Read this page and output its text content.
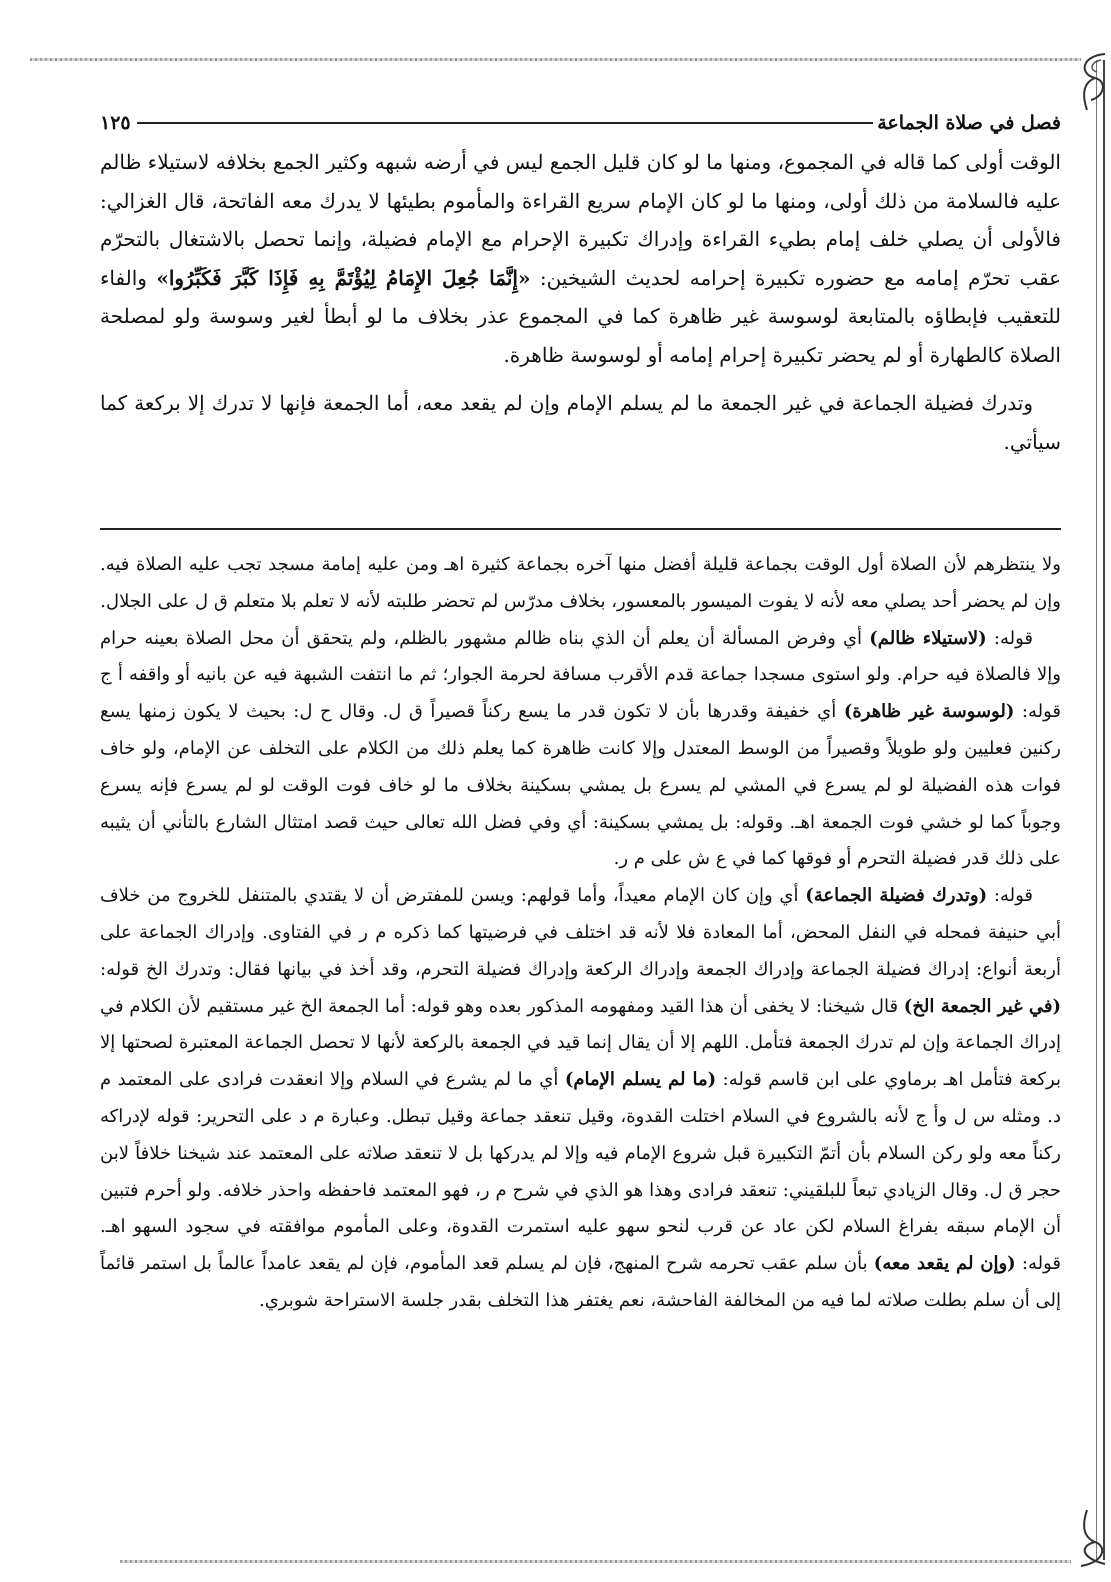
فصل في صلاة الجماعة
١٢٥

الوقت أولى كما قاله في المجموع، ومنها ما لو كان قليل الجمع ليس في أرضه شبهه وكثير الجمع بخلافه لاستيلاء ظالم عليه فالسلامة من ذلك أولى، ومنها ما لو كان الإمام سريع القراءة والمأموم بطيئها لا يدرك معه الفاتحة، قال الغزالي: فالأولى أن يصلي خلف إمام بطيء القراءة وإدراك تكبيرة الإحرام مع الإمام فضيلة، وإنما تحصل بالاشتغال بالتحرّم عقب تحرّم إمامه مع حضوره تكبيرة إحرامه لحديث الشيخين: «إِنَّمَا جُعِلَ الإِمَامُ لِيُؤْتَمَّ بِهِ فَإِذَا كَبَّرَ فَكَبِّرُوا» والفاء للتعقيب فإبطاؤه بالمتابعة لوسوسة غير ظاهرة كما في المجموع عذر بخلاف ما لو أبطأ لغير وسوسة ولو لمصلحة الصلاة كالطهارة أو لم يحضر تكبيرة إحرام إمامه أو لوسوسة ظاهرة.

وتدرك فضيلة الجماعة في غير الجمعة ما لم يسلم الإمام وإن لم يقعد معه، أما الجمعة فإنها لا تدرك إلا بركعة كما سيأتي.

ولا ينتظرهم لأن الصلاة أول الوقت بجماعة قليلة أفضل منها آخره بجماعة كثيرة اهـ ومن عليه إمامة مسجد تجب عليه الصلاة فيه. وإن لم يحضر أحد يصلي معه لأنه لا يفوت الميسور بالمعسور، بخلاف مدرّس لم تحضر طلبته لأنه لا تعلم بلا متعلم ق ل على الجلال.

قوله: (لاستيلاء ظالم) أي وفرض المسألة أن يعلم أن الذي بناه ظالم مشهور بالظلم، ولم يتحقق أن محل الصلاة بعينه حرام وإلا فالصلاة فيه حرام. ولو استوى مسجدا جماعة قدم الأقرب مسافة لحرمة الجوار؛ ثم ما انتفت الشبهة فيه عن بانيه أو واقفه أ ج قوله: (لوسوسة غير ظاهرة) أي خفيفة وقدرها بأن لا تكون قدر ما يسع ركناً قصيراً ق ل. وقال ح ل: بحيث لا يكون زمنها يسع ركنين فعليين ولو طويلاً وقصيراً من الوسط المعتدل وإلا كانت ظاهرة كما يعلم ذلك من الكلام على التخلف عن الإمام، ولو خاف فوات هذه الفضيلة لو لم يسرع في المشي لم يسرع بل يمشي بسكينة بخلاف ما لو خاف فوت الوقت لو لم يسرع فإنه يسرع وجوباً كما لو خشي فوت الجمعة اهـ. وقوله: بل يمشي بسكينة: أي وفي فضل الله تعالى حيث قصد امتثال الشارع بالتأني أن يثيبه على ذلك قدر فضيلة التحرم أو فوقها كما في ع ش على م ر.

قوله: (وتدرك فضيلة الجماعة) أي وإن كان الإمام معيداً، وأما قولهم: ويسن للمفترض أن لا يقتدي بالمتنفل للخروج من خلاف أبي حنيفة فمحله في النفل المحض، أما المعادة فلا لأنه قد اختلف في فرضيتها كما ذكره م ر في الفتاوى. وإدراك الجماعة على أربعة أنواع: إدراك فضيلة الجماعة وإدراك الجمعة وإدراك الركعة وإدراك فضيلة التحرم، وقد أخذ في بيانها فقال: وتدرك الخ قوله: (في غير الجمعة الخ) قال شيخنا: لا يخفى أن هذا القيد ومفهومه المذكور بعده وهو قوله: أما الجمعة الخ غير مستقيم لأن الكلام في إدراك الجماعة وإن لم تدرك الجمعة فتأمل. اللهم إلا أن يقال إنما قيد في الجمعة بالركعة لأنها لا تحصل الجماعة المعتبرة لصحتها إلا بركعة فتأمل اهـ برماوي على ابن قاسم قوله: (ما لم يسلم الإمام) أي ما لم يشرع في السلام وإلا انعقدت فرادى على المعتمد م د. ومثله س ل وأ ج لأنه بالشروع في السلام اختلت القدوة، وقيل تنعقد جماعة وقيل تبطل. وعبارة م د على التحرير: قوله لإدراكه ركناً معه ولو ركن السلام بأن أتمّ التكبيرة قبل شروع الإمام فيه وإلا لم يدركها بل لا تنعقد صلاته على المعتمد عند شيخنا خلافاً لابن حجر ق ل. وقال الزيادي تبعاً للبلقيني: تنعقد فرادى وهذا هو الذي في شرح م ر، فهو المعتمد فاحفظه واحذر خلافه. ولو أحرم فتبين أن الإمام سبقه بفراغ السلام لكن عاد عن قرب لنحو سهو عليه استمرت القدوة، وعلى المأموم موافقته في سجود السهو اهـ. قوله: (وإن لم يقعد معه) بأن سلم عقب تحرمه شرح المنهج، فإن لم يسلم قعد المأموم، فإن لم يقعد عامداً عالماً بل استمر قائماً إلى أن سلم بطلت صلاته لما فيه من المخالفة الفاحشة، نعم يغتفر هذا التخلف بقدر جلسة الاستراحة شوبري.
